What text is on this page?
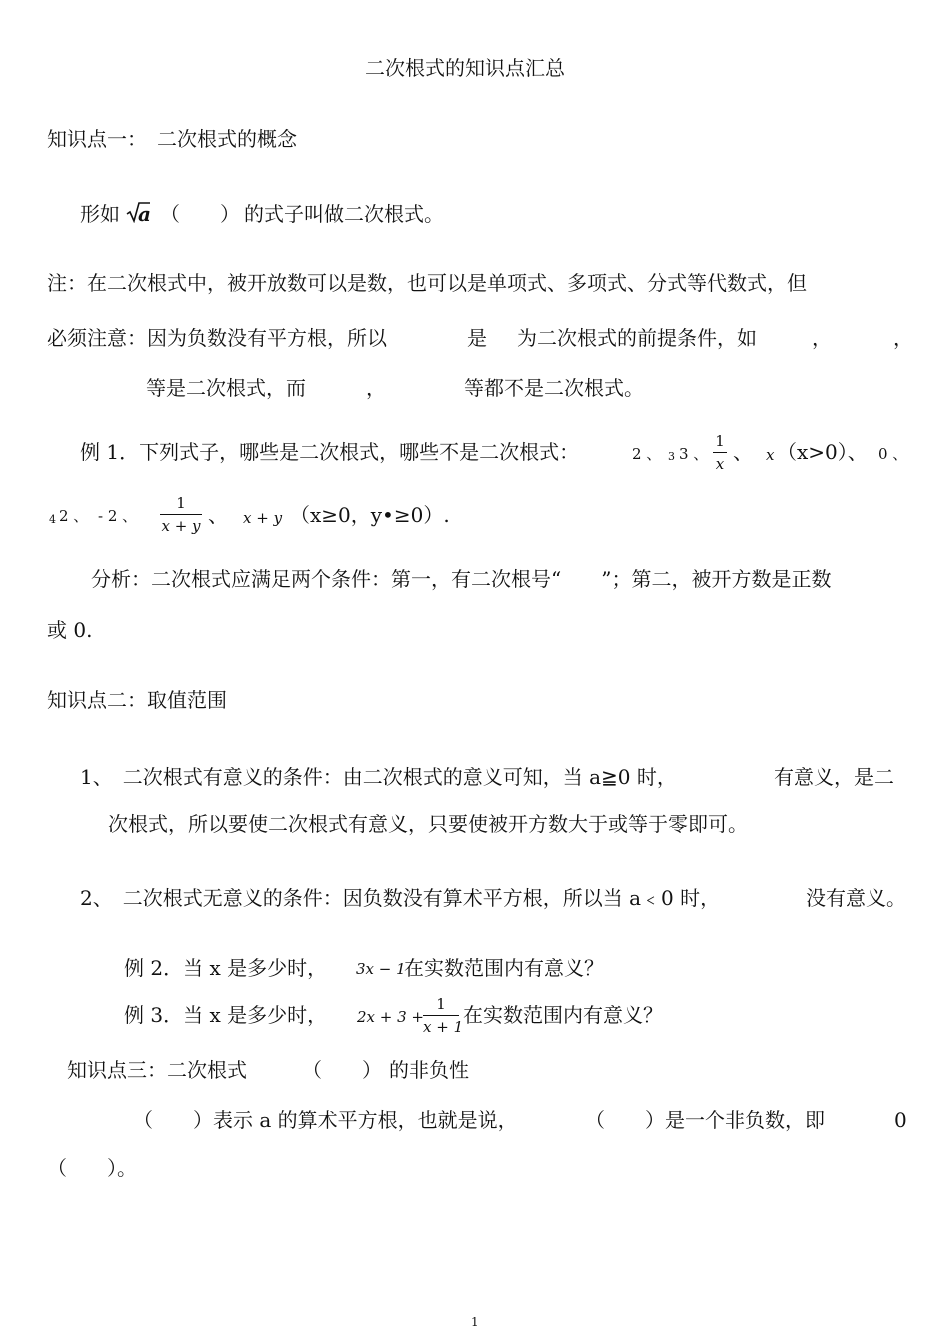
二次根式的知识点汇总
知识点一：　二次根式的概念
形如 a （　　） 的式子叫做二次根式。
注：在二次根式中，被开放数可以是数，也可以是单项式、多项式、分式等代数式，但
必须注意：因为负数没有平方根，所以	是 为二次根式的前提条件，如	，	，
等是二次根式，而	，	等都不是二次根式。
例 1．下列式子，哪些是二次根式，哪些不是二次根式：	2 、 3 3 、
1
x 、 x （x>0）、 0 、
4 2 、 - 2 、
1
x + y 、 x + y （x≥0，y•≥0）.
分析：二次根式应满足两个条件：第一，有二次根号“　　”；第二，被开方数是正数
或 0.
知识点二：取值范围
1、　二次根式有意义的条件：由二次根式的意义可知，当 a≧0 时，	有意义，是二
次根式，所以要使二次根式有意义，只要使被开方数大于或等于零即可。
2、　二次根式无意义的条件：因负数没有算术平方根，所以当 a﹤0 时，	没有意义。
例 2．当 x 是多少时， 3x − 1
在实数范围内有意义？
例 3．当 x 是多少时， 2x + 3 +
1
x + 1 在实数范围内有意义？
知识点三：二次根式	（　　） 的非负性
（　　）表示 a 的算术平方根，也就是说，	（　　）是一个非负数，即	0
（　　）。
1
